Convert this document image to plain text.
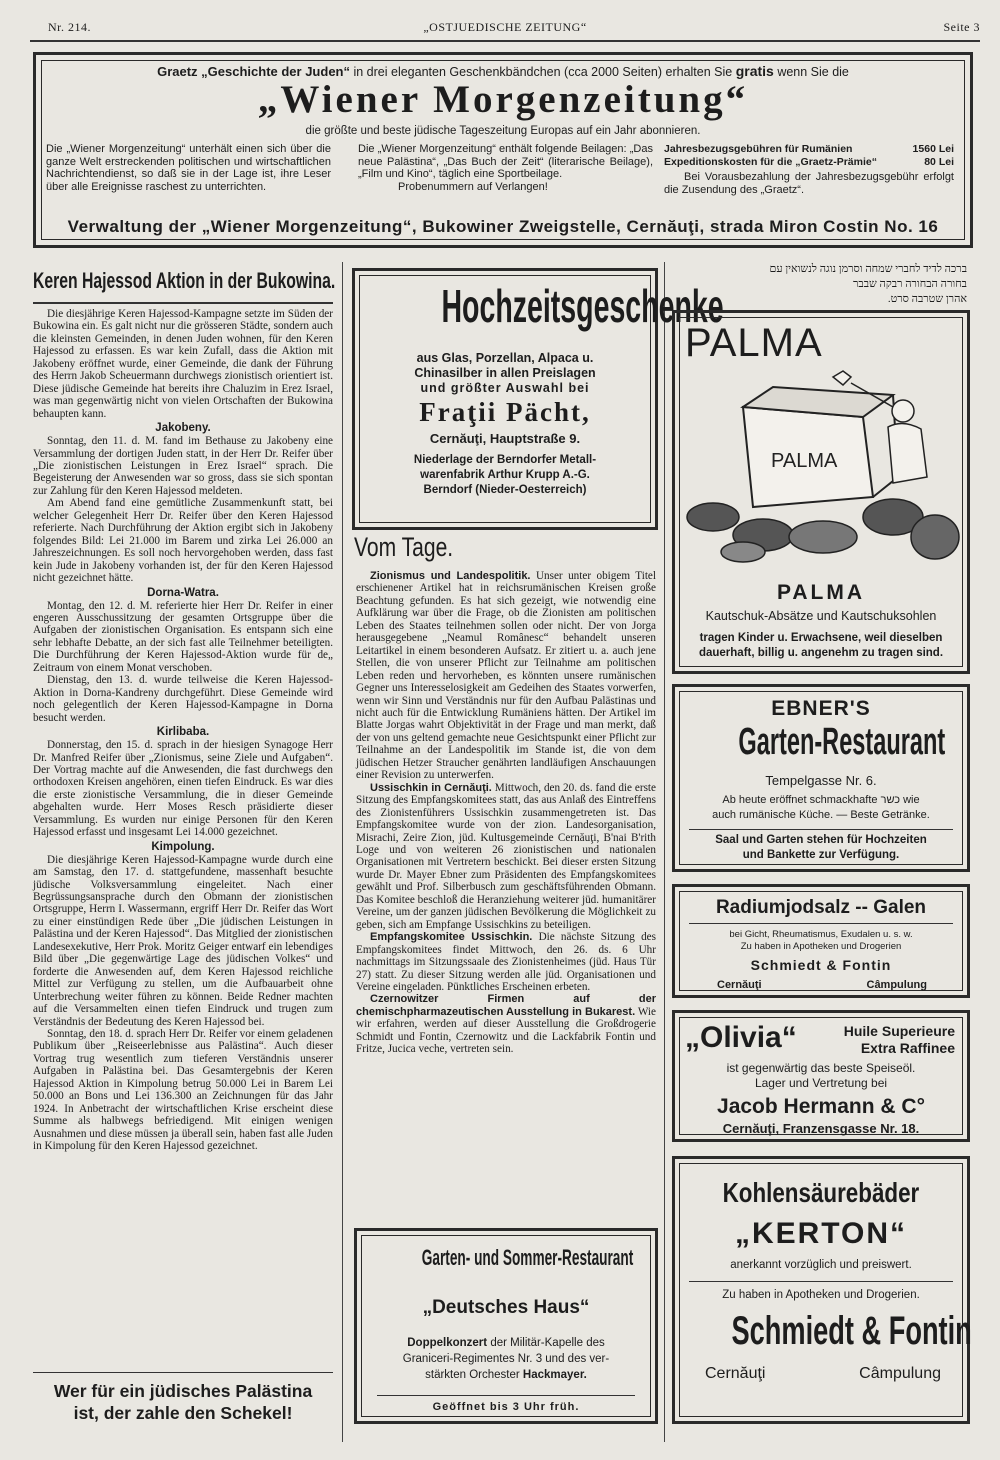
Nr. 214.	„OSTJUEDISCHE ZEITUNG“	Seite 3
Graetz „Geschichte der Juden“ in drei eleganten Geschenkbändchen (cca 2000 Seiten) erhalten Sie gratis wenn Sie die
„Wiener Morgenzeitung“
die größte und beste jüdische Tageszeitung Europas auf ein Jahr abonnieren.
Die „Wiener Morgenzeitung“ unterhält einen sich über die ganze Welt erstreckenden politischen und wirtschaftlichen Nachrichtendienst, so daß sie in der Lage ist, ihre Leser über alle Ereignisse raschest zu unterrichten.
Die „Wiener Morgenzeitung“ enthält folgende Beilagen: „Das neue Palästina“, „Das Buch der Zeit“ (literarische Beilage), „Film und Kino“, täglich eine Sportbeilage.
Probenummern auf Verlangen!
Jahresbezugsgebühren für Rumänien	1560 Lei
Expeditionskosten für die „Graetz-Prämie“	80 Lei
Bei Vorausbezahlung der Jahresbezugsgebühr erfolgt die Zusendung des „Graetz“.
Verwaltung der „Wiener Morgenzeitung“, Bukowiner Zweigstelle, Cernăuţi, strada Miron Costin No. 16
Keren Hajessod Aktion in der Bukowina.

Die diesjährige Keren Hajessod-Kampagne setzte im Süden der Bukowina ein. Es galt nicht nur die grösseren Städte, sondern auch die kleinsten Gemeinden, in denen Juden wohnen, für den Keren Hajessod zu erfassen. Es war kein Zufall, dass die Aktion mit Jakobeny eröffnet wurde, einer Gemeinde, die dank der Führung des Herrn Jakob Scheuermann durchwegs zionistisch orientiert ist. Diese jüdische Gemeinde hat bereits ihre Chaluzim in Erez Israel, was man gegenwärtig nicht von vielen Ortschaften der Bukowina behaupten kann.

Jakobeny.

Sonntag, den 11. d. M. fand im Bethause zu Jakobeny eine Versammlung der dortigen Juden statt, in der Herr Dr. Reifer über „Die zionistischen Leistungen in Erez Israel“ sprach. Die Begeisterung der Anwesenden war so gross, dass sie sich spontan zur Zahlung für den Keren Hajessod meldeten.

Am Abend fand eine gemütliche Zusammenkunft statt, bei welcher Gelegenheit Herr Dr. Reifer über den Keren Hajessod referierte. Nach Durchführung der Aktion ergibt sich in Jakobeny folgendes Bild: Lei 21.000 im Barem und zirka Lei 26.000 an Jahreszeichnungen. Es soll noch hervorgehoben werden, dass fast kein Jude in Jakobeny vorhanden ist, der für den Keren Hajessod nicht gezeichnet hätte.

Dorna-Watra.

Montag, den 12. d. M. referierte hier Herr Dr. Reifer in einer engeren Ausschussitzung der gesamten Ortsgruppe über die Aufgaben der zionistischen Organisation. Es entspann sich eine sehr lebhafte Debatte, an der sich fast alle Teilnehmer beteiligten. Die Durchführung der Keren Hajessod-Aktion wurde für de„ Zeitraum von einem Monat verschoben.

Dienstag, den 13. d. wurde teilweise die Keren Hajessod-Aktion in Dorna-Kandreny durchgeführt. Diese Gemeinde wird noch gelegentlich der Keren Hajessod-Kampagne in Dorna besucht werden.

Kirlibaba.

Donnerstag, den 15. d. sprach in der hiesigen Synagoge Herr Dr. Manfred Reifer über „Zionismus, seine Ziele und Aufgaben“. Der Vortrag machte auf die Anwesenden, die fast durchwegs den orthodoxen Kreisen angehören, einen tiefen Eindruck. Es war dies die erste zionistische Versammlung, die in dieser Gemeinde abgehalten wurde. Herr Moses Resch präsidierte dieser Versammlung. Es wurden nur einige Personen für den Keren Hajessod erfasst und insgesamt Lei 14.000 gezeichnet.

Kimpolung.

Die diesjährige Keren Hajessod-Kampagne wurde durch eine am Samstag, den 17. d. stattgefundene, massenhaft besuchte jüdische Volksversammlung eingeleitet. Nach einer Begrüssungsansprache durch den Obmann der zionistischen Ortsgruppe, Herrn I. Wassermann, ergriff Herr Dr. Reifer das Wort zu einer einstündigen Rede über „Die jüdischen Leistungen in Palästina und der Keren Hajessod“. Das Mitglied der zionistischen Landesexekutive, Herr Prok. Moritz Geiger entwarf ein lebendiges Bild über „Die gegenwärtige Lage des jüdischen Volkes“ und forderte die Anwesenden auf, dem Keren Hajessod reichliche Mittel zur Verfügung zu stellen, um die Aufbauarbeit ohne Unterbrechung weiter führen zu können. Beide Redner machten auf die Versammelten einen tiefen Eindruck und trugen zum Verständnis der Bedeutung des Keren Hajessod bei.

Sonntag, den 18. d. sprach Herr Dr. Reifer vor einem geladenen Publikum über „Reiseerlebnisse aus Palästina“. Auch dieser Vortrag trug wesentlich zum tieferen Verständnis unserer Aufgaben in Palästina bei. Das Gesamtergebnis der Keren Hajessod Aktion in Kimpolung betrug 50.000 Lei in Barem Lei 50.000 an Bons und Lei 136.300 an Zeichnungen für das Jahr 1924. In Anbetracht der wirtschaftlichen Krise erscheint diese Summe als halbwegs befriedigend. Mit einigen wenigen Ausnahmen und diese müssen ja überall sein, haben fast alle Juden in Kimpolung für den Keren Hajessod gezeichnet.

Wer für ein jüdisches Palästina
ist, der zahle den Schekel!
Hochzeitsgeschenke
aus Glas, Porzellan, Alpaca u.
Chinasilber in allen Preislagen
und größter Auswahl bei
Fraţii Pächt,
Cernăuţi, Hauptstraße 9.
Niederlage der Berndorfer Metall-
warenfabrik Arthur Krupp A.-G.
Berndorf (Nieder-Oesterreich)
Vom Tage.

Zionismus und Landespolitik. Unser unter obigem Titel erschienener Artikel hat in reichsrumänischen Kreisen große Beachtung gefunden. Es hat sich gezeigt, wie notwendig eine Aufklärung war über die Frage, ob die Zionisten am politischen Leben des Staates teilnehmen sollen oder nicht. Der von Jorga herausgegebene „Neamul Românesc“ behandelt unseren Leitartikel in einem besonderen Aufsatz. Er zitiert u. a. auch jene Stellen, die von unserer Pflicht zur Teilnahme am politischen Leben reden und hervorheben, es könnten unsere rumänischen Gegner uns Interesselosigkeit am Gedeihen des Staates vorwerfen, wenn wir Sinn und Verständnis nur für den Aufbau Palästinas und nicht auch für die Entwicklung Rumäniens hätten. Der Artikel im Blatte Jorgas wahrt Objektivität in der Frage und man merkt, daß der von uns geltend gemachte neue Gesichtspunkt einer Pflicht zur Teilnahme an der Landespolitik im Stande ist, die von dem jüdischen Hetzer Straucher genährten landläufigen Anschauungen einer Revision zu unterwerfen.

Ussischkin in Cernăuţi. Mittwoch, den 20. ds. fand die erste Sitzung des Empfangskomitees statt, das aus Anlaß des Eintreffens des Zionistenführers Ussischkin zusammengetreten ist. Das Empfangskomitee wurde von der zion. Landesorganisation, Misrachi, Zeire Zion, jüd. Kultusgemeinde Cernăuţi, B'nai B'rith Loge und von weiteren 26 zionistischen und nationalen Organisationen mit Vertretern beschickt. Bei dieser ersten Sitzung wurde Dr. Mayer Ebner zum Präsidenten des Empfangskomitees gewählt und Prof. Silberbusch zum geschäftsführenden Obmann. Das Komitee beschloß die Heranziehung weiterer jüd. humanitärer Vereine, um der ganzen jüdischen Bevölkerung die Möglichkeit zu geben, sich am Empfange Ussischkins zu beteiligen.

Empfangskomitee Ussischkin. Die nächste Sitzung des Empfangskomitees findet Mittwoch, den 26. ds. 6 Uhr nachmittags im Sitzungssaale des Zionistenheimes (jüd. Haus Tür 27) statt. Zu dieser Sitzung werden alle jüd. Organisationen und Vereine eingeladen. Pünktliches Erscheinen erbeten.

Czernowitzer Firmen auf der chemischpharmazeutischen Ausstellung in Bukarest. Wie wir erfahren, werden auf dieser Ausstellung die Großdrogerie Schmidt und Fontin, Czernowitz und die Lackfabrik Fontin und Fritze, Jucica veche, vertreten sein.

Garten- und Sommer-Restaurant
„Deutsches Haus“
Doppelkonzert der Militär-Kapelle des
Graniceri-Regimentes Nr. 3 und des ver-
stärkten Orchester Hackmayer.
Geöffnet bis 3 Uhr früh.
ברכה לדיד לחברי שמחה וסרמן נוגה לנשואין עם
בחורה הבחורה רבקה שבבר
אהרן שטרבה סרט.
PALMA
PALMA
PALMA
Kautschuk-Absätze und Kautschuksohlen
tragen Kinder u. Erwachsene, weil dieselben
dauerhaft, billig u. angenehm zu tragen sind.
EBNER'S
Garten-Restaurant
Tempelgasse Nr. 6.
Ab heute eröffnet schmackhafte כשר wie
auch rumänische Küche. — Beste Getränke.
Saal und Garten stehen für Hochzeiten
und Bankette zur Verfügung.
Radiumjodsalz -- Galen
bei Gicht, Rheumatismus, Exudalen u. s. w.
Zu haben in Apotheken und Drogerien
Schmiedt & Fontin
Cernăuţi	Câmpulung
„Olivia“	Huile Superieure
Extra Raffinee
ist gegenwärtig das beste Speiseöl.
Lager und Vertretung bei
Jacob Hermann & C°
Cernăuţi, Franzensgasse Nr. 18.
Kohlensäurebäder
„KERTON“
anerkannt vorzüglich und preiswert.
Zu haben in Apotheken und Drogerien.
Schmiedt & Fontin
Cernăuţi	Câmpulung
